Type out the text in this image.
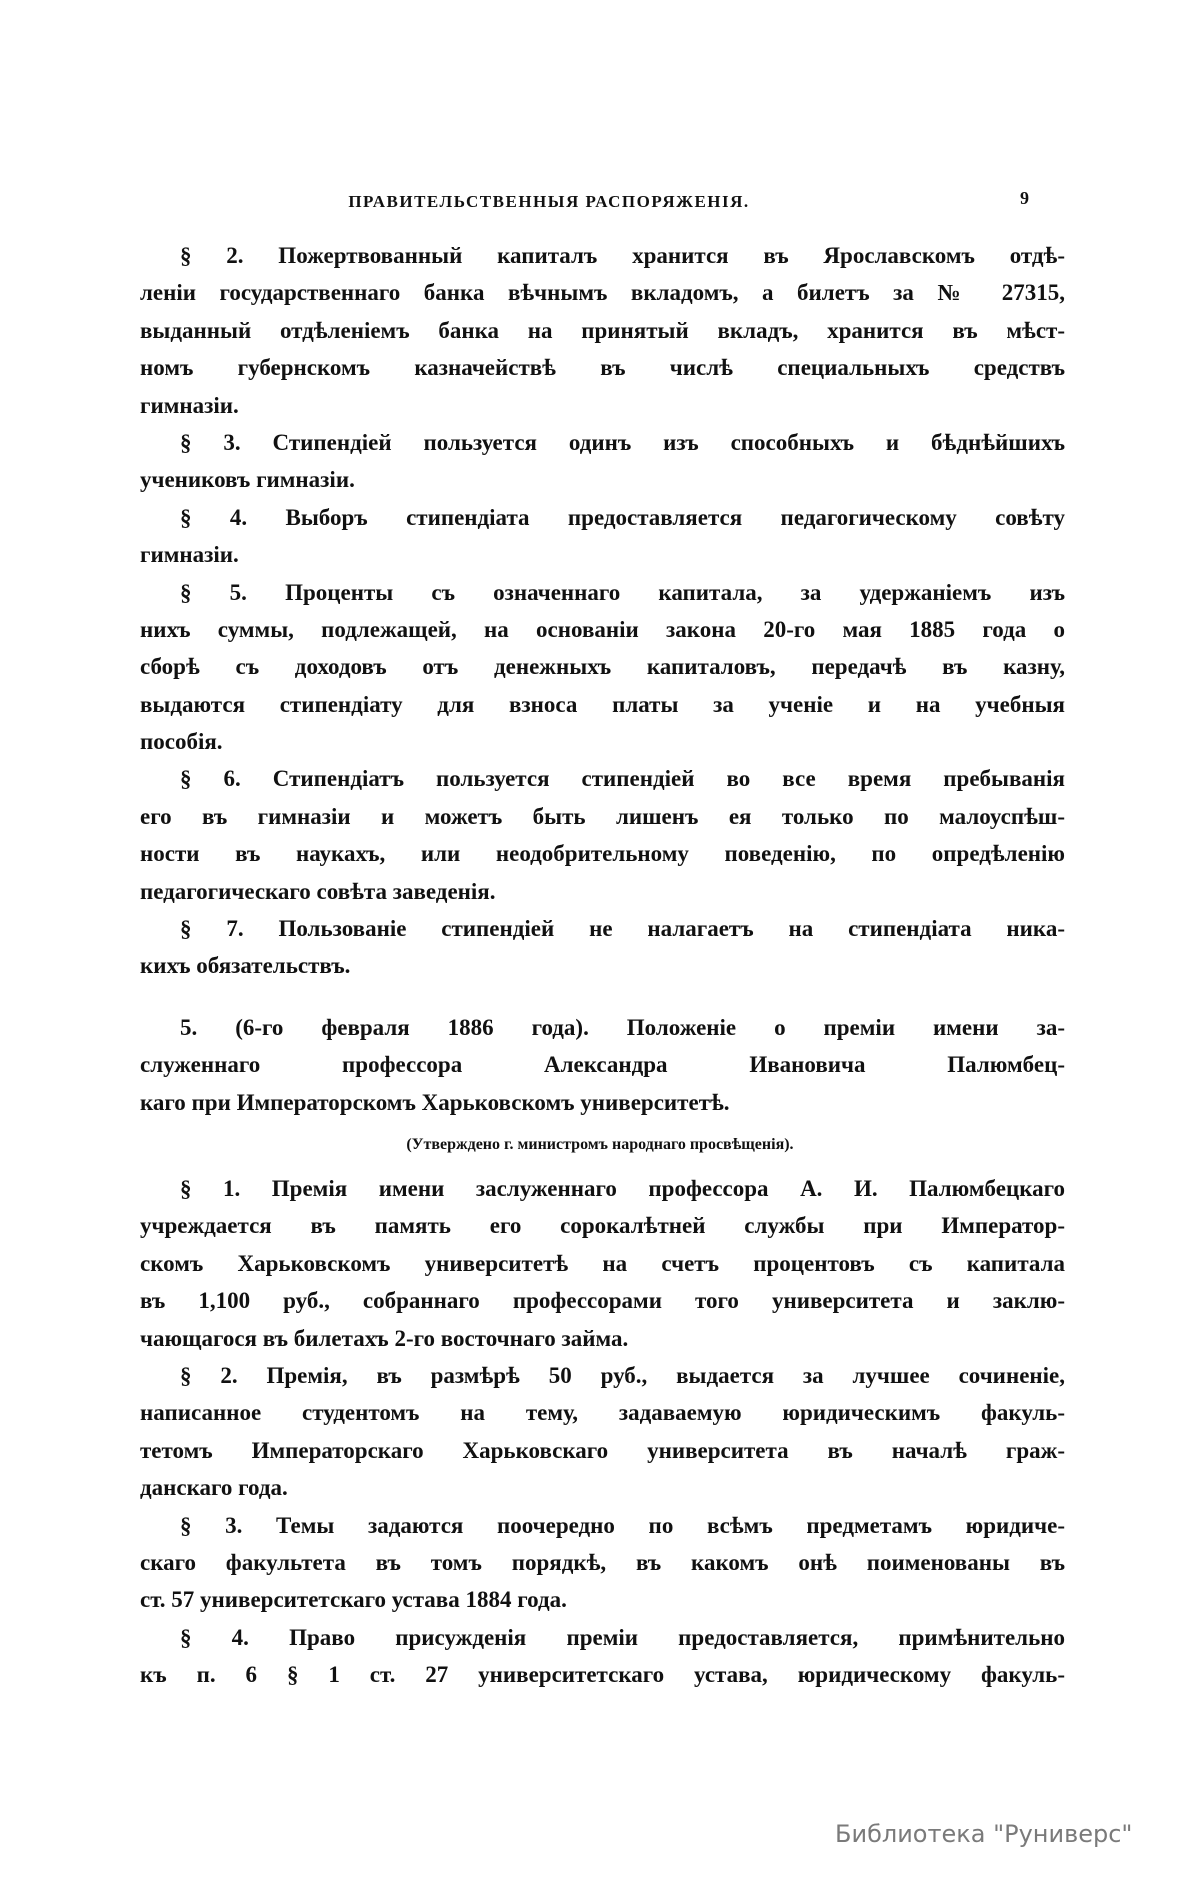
ПРАВИТЕЛЬСТВЕННЫЯ РАСПОРЯЖЕНІЯ.	9
§ 2. Пожертвованный капиталъ хранится въ Ярославскомъ отдѣ-
леніи государственнаго банка вѣчнымъ вкладомъ, а билетъ за № 27315,
выданный отдѣленіемъ банка на принятый вкладъ, хранится въ мѣст-
номъ губернскомъ казначействѣ въ числѣ специальныхъ средствъ
гимназіи.
§ 3. Стипендіей пользуется одинъ изъ способныхъ и бѣднѣйшихъ
учениковъ гимназіи.
§ 4. Выборъ стипендіата предоставляется педагогическому совѣту
гимназіи.
§ 5. Проценты съ означеннаго капитала, за удержаніемъ изъ
нихъ суммы, подлежащей, на основаніи закона 20-го мая 1885 года о
сборѣ съ доходовъ отъ денежныхъ капиталовъ, передачѣ въ казну,
выдаются стипендіату для взноса платы за ученіе и на учебныя
пособія.
§ 6. Стипендіатъ пользуется стипендіей во все время пребыванія
его въ гимназіи и можетъ быть лишенъ ея только по малоуспѣш-
ности въ наукахъ, или неодобрительному поведенію, по опредѣленію
педагогическаго совѣта заведенія.
§ 7. Пользованіе стипендіей не налагаетъ на стипендіата ника-
кихъ обязательствъ.
5. (6-го февраля 1886 года). Положеніе о преміи имени за-
служеннаго профессора Александра Ивановича Палюмбец-
каго при Императорскомъ Харьковскомъ университетѣ.
(Утверждено г. министромъ народнаго просвѣщенія).
§ 1. Премія имени заслуженнаго профессора А. И. Палюмбецкаго
учреждается въ память его сорокалѣтней службы при Император-
скомъ Харьковскомъ университетѣ на счетъ процентовъ съ капитала
въ 1,100 руб., собраннаго профессорами того университета и заклю-
чающагося въ билетахъ 2-го восточнаго займа.
§ 2. Премія, въ размѣрѣ 50 руб., выдается за лучшее сочиненіе,
написанное студентомъ на тему, задаваемую юридическимъ факуль-
тетомъ Императорскаго Харьковскаго университета въ началѣ граж-
данскаго года.
§ 3. Темы задаются поочередно по всѣмъ предметамъ юридиче-
скаго факультета въ томъ порядкѣ, въ какомъ онѣ поименованы въ
ст. 57 университетскаго устава 1884 года.
§ 4. Право присужденія преміи предоставляется, примѣнительно
къ п. 6 § 1 ст. 27 университетскаго устава, юридическому факуль-
Библиотека "Руниверс"
